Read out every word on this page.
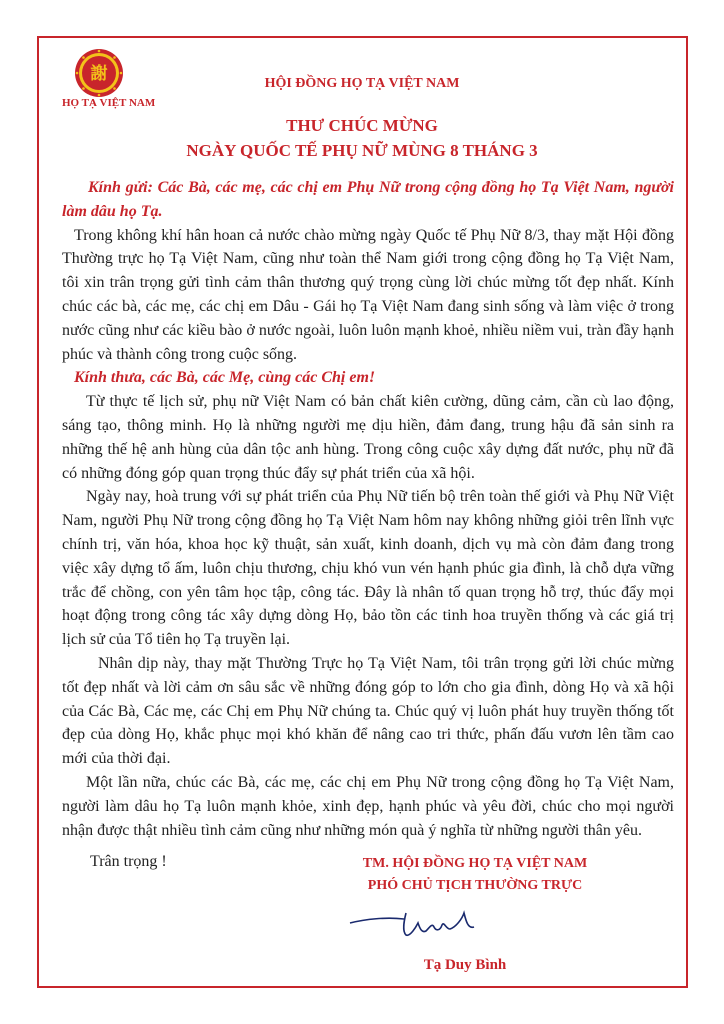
謝
HỌ TẠ VIỆT NAM
HỘI ĐỒNG HỌ TẠ VIỆT NAM
THƯ CHÚC MỪNG
NGÀY QUỐC TẾ PHỤ NỮ MÙNG 8 THÁNG 3

Kính gửi: Các Bà, các mẹ, các chị em Phụ Nữ trong cộng đồng họ Tạ Việt Nam, người làm dâu họ Tạ.

Trong không khí hân hoan cả nước chào mừng ngày Quốc tế Phụ Nữ 8/3, thay mặt Hội đồng Thường trực họ Tạ Việt Nam, cũng như toàn thể Nam giới trong cộng đồng họ Tạ Việt Nam, tôi xin trân trọng gửi tình cảm thân thương quý trọng cùng lời chúc mừng tốt đẹp nhất. Kính chúc các bà, các mẹ, các chị em Dâu - Gái họ Tạ Việt Nam đang sinh sống và làm việc ở trong nước cũng như các kiều bào ở nước ngoài, luôn luôn mạnh khoẻ, nhiều niềm vui, tràn đầy hạnh phúc và thành công trong cuộc sống.

Kính thưa, các Bà, các Mẹ, cùng các Chị em!

Từ thực tế lịch sử, phụ nữ Việt Nam có bản chất kiên cường, dũng cảm, cần cù lao động, sáng tạo, thông minh. Họ là những người mẹ dịu hiền, đảm đang, trung hậu đã sản sinh ra những thế hệ anh hùng của dân tộc anh hùng. Trong công cuộc xây dựng đất nước, phụ nữ đã có những đóng góp quan trọng thúc đẩy sự phát triển của xã hội.

Ngày nay, hoà trung với sự phát triển của Phụ Nữ tiến bộ trên toàn thế giới và Phụ Nữ Việt Nam, người Phụ Nữ trong cộng đồng họ Tạ Việt Nam hôm nay không những giỏi trên lĩnh vực chính trị, văn hóa, khoa học kỹ thuật, sản xuất, kinh doanh, dịch vụ mà còn đảm đang trong việc xây dựng tổ ấm, luôn chịu thương, chịu khó vun vén hạnh phúc gia đình, là chỗ dựa vững trắc để chồng, con yên tâm học tập, công tác. Đây là nhân tố quan trọng hỗ trợ, thúc đẩy mọi hoạt động trong công tác xây dựng dòng Họ, bảo tồn các tinh hoa truyền thống và các giá trị lịch sử của Tổ tiên họ Tạ truyền lại.

Nhân dịp này, thay mặt Thường Trực họ Tạ Việt Nam, tôi trân trọng gửi lời chúc mừng tốt đẹp nhất và lời cảm ơn sâu sắc về những đóng góp to lớn cho gia đình, dòng Họ và xã hội của Các Bà, Các mẹ, các Chị em Phụ Nữ chúng ta. Chúc quý vị luôn phát huy truyền thống tốt đẹp của dòng Họ, khắc phục mọi khó khăn để nâng cao tri thức, phấn đấu vươn lên tầm cao mới của thời đại.

Một lần nữa, chúc các Bà, các mẹ, các chị em Phụ Nữ trong cộng đồng họ Tạ Việt Nam, người làm dâu họ Tạ luôn mạnh khỏe, xinh đẹp, hạnh phúc và yêu đời, chúc cho mọi người nhận được thật nhiều tình cảm cũng như những món quà ý nghĩa từ những người thân yêu.

Trân trọng !	TM. HỘI ĐỒNG HỌ TẠ VIỆT NAM
PHÓ CHỦ TỊCH THƯỜNG TRỰC
Tạ Duy Bình
